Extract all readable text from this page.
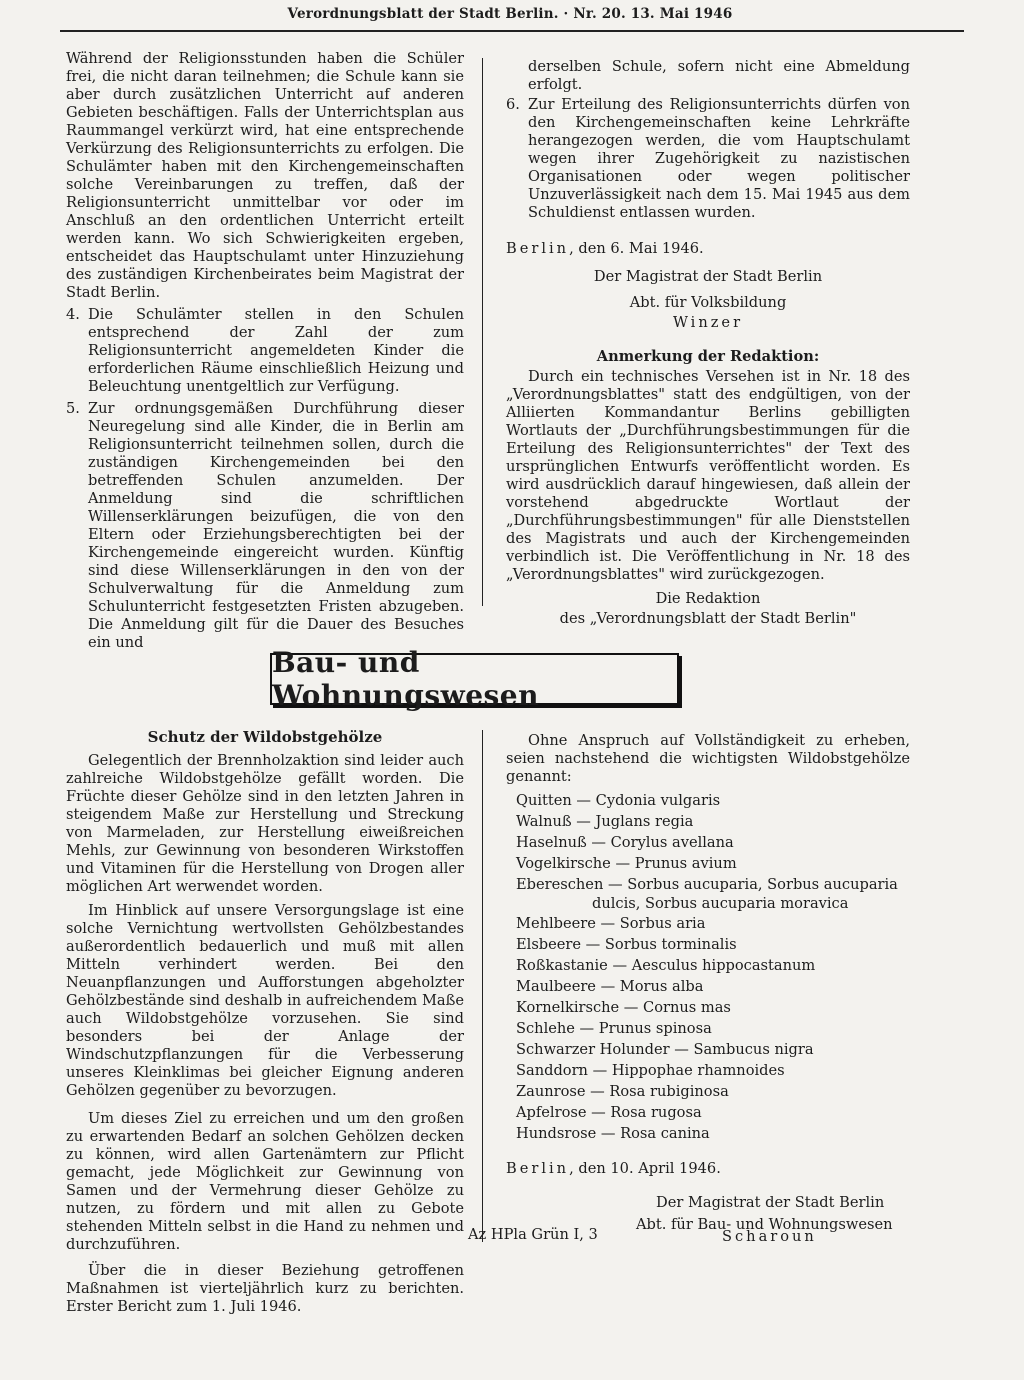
Verordnungsblatt der Stadt Berlin. · Nr. 20. 13. Mai 1946

Während der Religionsstunden haben die Schüler frei, die nicht daran teilnehmen; die Schule kann sie aber durch zusätzlichen Unterricht auf anderen Gebieten beschäftigen. Falls der Unterrichtsplan aus Raummangel verkürzt wird, hat eine entsprechende Verkürzung des Religionsunterrichts zu erfolgen. Die Schulämter haben mit den Kirchengemeinschaften solche Vereinbarungen zu treffen, daß der Religionsunterricht unmittelbar vor oder im Anschluß an den ordentlichen Unterricht erteilt werden kann. Wo sich Schwierigkeiten ergeben, entscheidet das Hauptschulamt unter Hinzuziehung des zuständigen Kirchenbeirates beim Magistrat der Stadt Berlin.

4. Die Schulämter stellen in den Schulen entsprechend der Zahl der zum Religionsunterricht angemeldeten Kinder die erforderlichen Räume einschließlich Heizung und Beleuchtung unentgeltlich zur Verfügung.

5. Zur ordnungsgemäßen Durchführung dieser Neuregelung sind alle Kinder, die in Berlin am Religionsunterricht teilnehmen sollen, durch die zuständigen Kirchengemeinden bei den betreffenden Schulen anzumelden. Der Anmeldung sind die schriftlichen Willenserklärungen beizufügen, die von den Eltern oder Erziehungsberechtigten bei der Kirchengemeinde eingereicht wurden. Künftig sind diese Willenserklärungen in den von der Schulverwaltung für die Anmeldung zum Schulunterricht festgesetzten Fristen abzugeben. Die Anmeldung gilt für die Dauer des Besuches ein und

derselben Schule, sofern nicht eine Abmeldung erfolgt.

6. Zur Erteilung des Religionsunterrichts dürfen von den Kirchengemeinschaften keine Lehrkräfte herangezogen werden, die vom Hauptschulamt wegen ihrer Zugehörigkeit zu nazistischen Organisationen oder wegen politischer Unzuverlässigkeit nach dem 15. Mai 1945 aus dem Schuldienst entlassen wurden.

Berlin, den 6. Mai 1946.

Der Magistrat der Stadt Berlin

Abt. für Volksbildung

Winzer

Anmerkung der Redaktion:

Durch ein technisches Versehen ist in Nr. 18 des „Verordnungsblattes" statt des endgültigen, von der Alliierten Kommandantur Berlins gebilligten Wortlauts der „Durchführungsbestimmungen für die Erteilung des Religionsunterrichtes" der Text des ursprünglichen Entwurfs veröffentlicht worden. Es wird ausdrücklich darauf hingewiesen, daß allein der vorstehend abgedruckte Wortlaut der „Durchführungsbestimmungen" für alle Dienststellen des Magistrats und auch der Kirchengemeinden verbindlich ist. Die Veröffentlichung in Nr. 18 des „Verordnungsblattes" wird zurückgezogen.

Die Redaktion

des „Verordnungsblatt der Stadt Berlin"

Bau- und Wohnungswesen

Schutz der Wildobstgehölze

Gelegentlich der Brennholzaktion sind leider auch zahlreiche Wildobstgehölze gefällt worden. Die Früchte dieser Gehölze sind in den letzten Jahren in steigendem Maße zur Herstellung und Streckung von Marmeladen, zur Herstellung eiweißreichen Mehls, zur Gewinnung von besonderen Wirkstoffen und Vitaminen für die Herstellung von Drogen aller möglichen Art werwendet worden.

Im Hinblick auf unsere Versorgungslage ist eine solche Vernichtung wertvollsten Gehölzbestandes außerordentlich bedauerlich und muß mit allen Mitteln verhindert werden. Bei den Neuanpflanzungen und Aufforstungen abgeholzter Gehölzbestände sind deshalb in aufreichendem Maße auch Wildobstgehölze vorzusehen. Sie sind besonders bei der Anlage der Windschutzpflanzungen für die Verbesserung unseres Kleinklimas bei gleicher Eignung anderen Gehölzen gegenüber zu bevorzugen.

Um dieses Ziel zu erreichen und um den großen zu erwartenden Bedarf an solchen Gehölzen decken zu können, wird allen Gartenämtern zur Pflicht gemacht, jede Möglichkeit zur Gewinnung von Samen und der Vermehrung dieser Gehölze zu nutzen, zu fördern und mit allen zu Gebote stehenden Mitteln selbst in die Hand zu nehmen und durchzuführen.

Über die in dieser Beziehung getroffenen Maßnahmen ist vierteljährlich kurz zu berichten. Erster Bericht zum 1. Juli 1946.

Ohne Anspruch auf Vollständigkeit zu erheben, seien nachstehend die wichtigsten Wildobstgehölze genannt:

Quitten — Cydonia vulgaris
Walnuß — Juglans regia
Haselnuß — Corylus avellana
Vogelkirsche — Prunus avium
Ebereschen — Sorbus aucuparia, Sorbus aucuparia
dulcis, Sorbus aucuparia moravica
Mehlbeere — Sorbus aria
Elsbeere — Sorbus torminalis
Roßkastanie — Aesculus hippocastanum
Maulbeere — Morus alba
Kornelkirsche — Cornus mas
Schlehe — Prunus spinosa
Schwarzer Holunder — Sambucus nigra
Sanddorn — Hippophae rhamnoides
Zaunrose — Rosa rubiginosa
Apfelrose — Rosa rugosa
Hundsrose — Rosa canina

Berlin, den 10. April 1946.

Der Magistrat der Stadt Berlin

Abt. für Bau- und Wohnungswesen

Az HPla Grün I, 3	Scharoun
